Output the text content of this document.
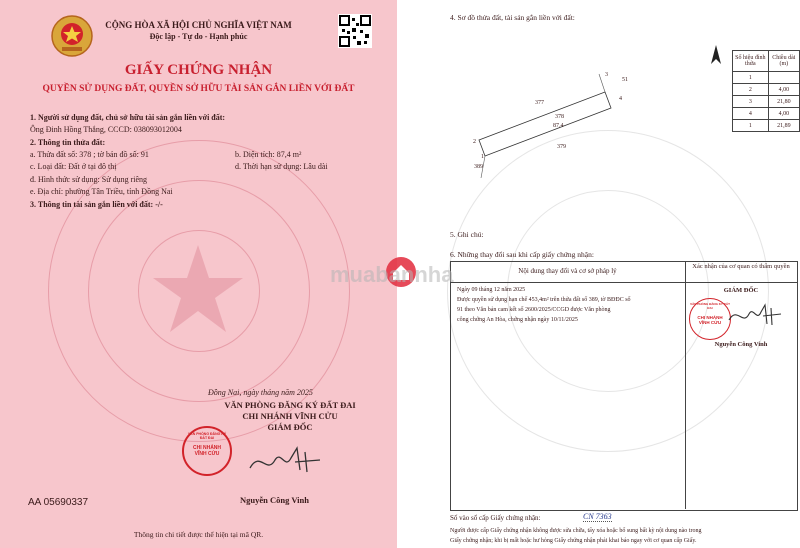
CỘNG HÒA XÃ HỘI CHỦ NGHĨA VIỆT NAM
Độc lập - Tự do - Hạnh phúc
GIẤY CHỨNG NHẬN
QUYỀN SỬ DỤNG ĐẤT, QUYỀN SỞ HỮU TÀI SẢN GẮN LIỀN VỚI ĐẤT
1. Người sử dụng đất, chủ sở hữu tài sản gắn liền với đất:
Ông Đinh Hồng Thắng, CCCD: 038093012004
2. Thông tin thửa đất:
a. Thửa đất số: 378 ; tờ bản đồ số: 91	b. Diện tích: 87,4 m²
c. Loại đất: Đất ở tại đô thị	d. Thời hạn sử dụng: Lâu dài
đ. Hình thức sử dụng: Sử dụng riêng
e. Địa chỉ: phường Tân Triều, tỉnh Đồng Nai
3. Thông tin tài sản gắn liền với đất: -/-
Đồng Nai, ngày tháng năm 2025
VĂN PHÒNG ĐĂNG KÝ ĐẤT ĐAI
CHI NHÁNH VĨNH CỬU
GIÁM ĐỐC
VĂN PHÒNG ĐĂNG KÝ ĐẤT ĐAI
CHI NHÁNH
VĨNH CỬU
AA 05690337	Nguyễn Công Vinh
Thông tin chi tiết được thể hiện tại mã QR.
4. Sơ đồ thửa đất, tài sản gắn liền với đất:
378
87,4
377
379
51
389
3
4
2
1
Số hiệu đỉnh thửa	Chiều dài (m)
1	
2	4,00
3	21,80
4	4,00
1	21,89
5. Ghi chú:
6. Những thay đổi sau khi cấp giấy chứng nhận:
Nội dung thay đổi và cơ sở pháp lý
Xác nhận của cơ quan có thẩm quyền
Ngày 09 tháng 12 năm 2025
Được quyền sử dụng hạn chế 453,4m² trên thửa đất số 389, tờ BĐĐC số
91 theo Văn bản cam kết số 2600/2025/CCGD được Văn phòng
công chứng An Hòa, chứng nhận ngày 10/11/2025
GIÁM ĐỐC
VĂN PHÒNG ĐĂNG KÝ ĐẤT ĐAI
CHI NHÁNH
VĨNH CỬU
Nguyễn Công Vinh
Số vào sổ cấp Giấy chứng nhận:	CN 7363
Người được cấp Giấy chứng nhận không được sửa chữa, tẩy xóa hoặc bổ sung bất kỳ nội dung nào trong
Giấy chứng nhận; khi bị mất hoặc hư hỏng Giấy chứng nhận phải khai báo ngay với cơ quan cấp Giấy.
muabannha
